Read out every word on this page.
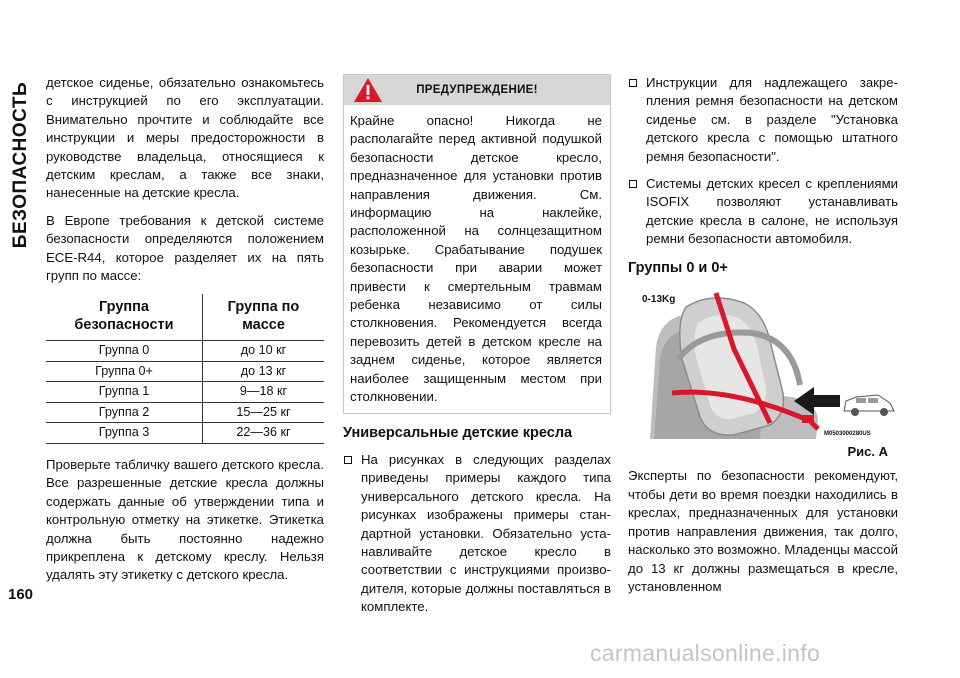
БЕЗОПАСНОСТЬ
160

детское сиденье, обязательно ознакомьтесь с инструкцией по его эксплуатации. Внимательно прочтите и соблюдайте все инструкции и меры предосторожности в руководстве владельца, относящиеся к детским креслам, а также все знаки, нанесенные на детские кресла.

В Европе требования к детской системе безопасности определяются положением ECE-R44, которое разделяет их на пять групп по массе:

Группа безопасности	Группа по массе
Группа 0	до 10 кг
Группа 0+	до 13 кг
Группа 1	9—18 кг
Группа 2	15—25 кг
Группа 3	22—36 кг

Проверьте табличку вашего детского кресла. Все разрешенные детские кресла должны содержать данные об утверждении типа и контрольную отметку на этикетке. Этикетка должна быть постоянно надежно прикреплена к детскому креслу. Нельзя удалять эту этикетку с детского кресла.

ПРЕДУПРЕЖДЕНИЕ!
Крайне опасно! Никогда не располагайте перед активной подушкой безопасности детское кресло, предназначенное для установки против направления движения. См. информацию на наклейке, расположенной на солнцезащитном козырьке. Срабатывание подушек безопасности при аварии может привести к смертельным травмам ребенка независимо от силы столкновения. Рекомендуется всегда перевозить детей в детском кресле на заднем сиденье, которое является наиболее защищенным местом при столкновении.
Универсальные детские кресла
На рисунках в следующих разделах приведены примеры каждого типа универсального детского кресла. На рисунках изображены примеры стандартной установки. Обязательно устанавливайте детское кресло в соответствии с инструкциями производителя, которые должны поставляться в комплекте.
Инструкции для надлежащего закрепления ремня безопасности на детском сиденье см. в разделе "Установка детского кресла с помощью штатного ремня безопасности".
Системы детских кресел с креплениями ISOFIX позволяют устанавливать детские кресла в салоне, не используя ремни безопасности автомобиля.
Группы 0 и 0+
0-13Kg
M0503000280US
Рис. A

Эксперты по безопасности рекомендуют, чтобы дети во время поездки находились в креслах, предназначенных для установки против направления движения, так долго, насколько это возможно. Младенцы массой до 13 кг должны размещаться в кресле, установленном

carmanualsonline.info
